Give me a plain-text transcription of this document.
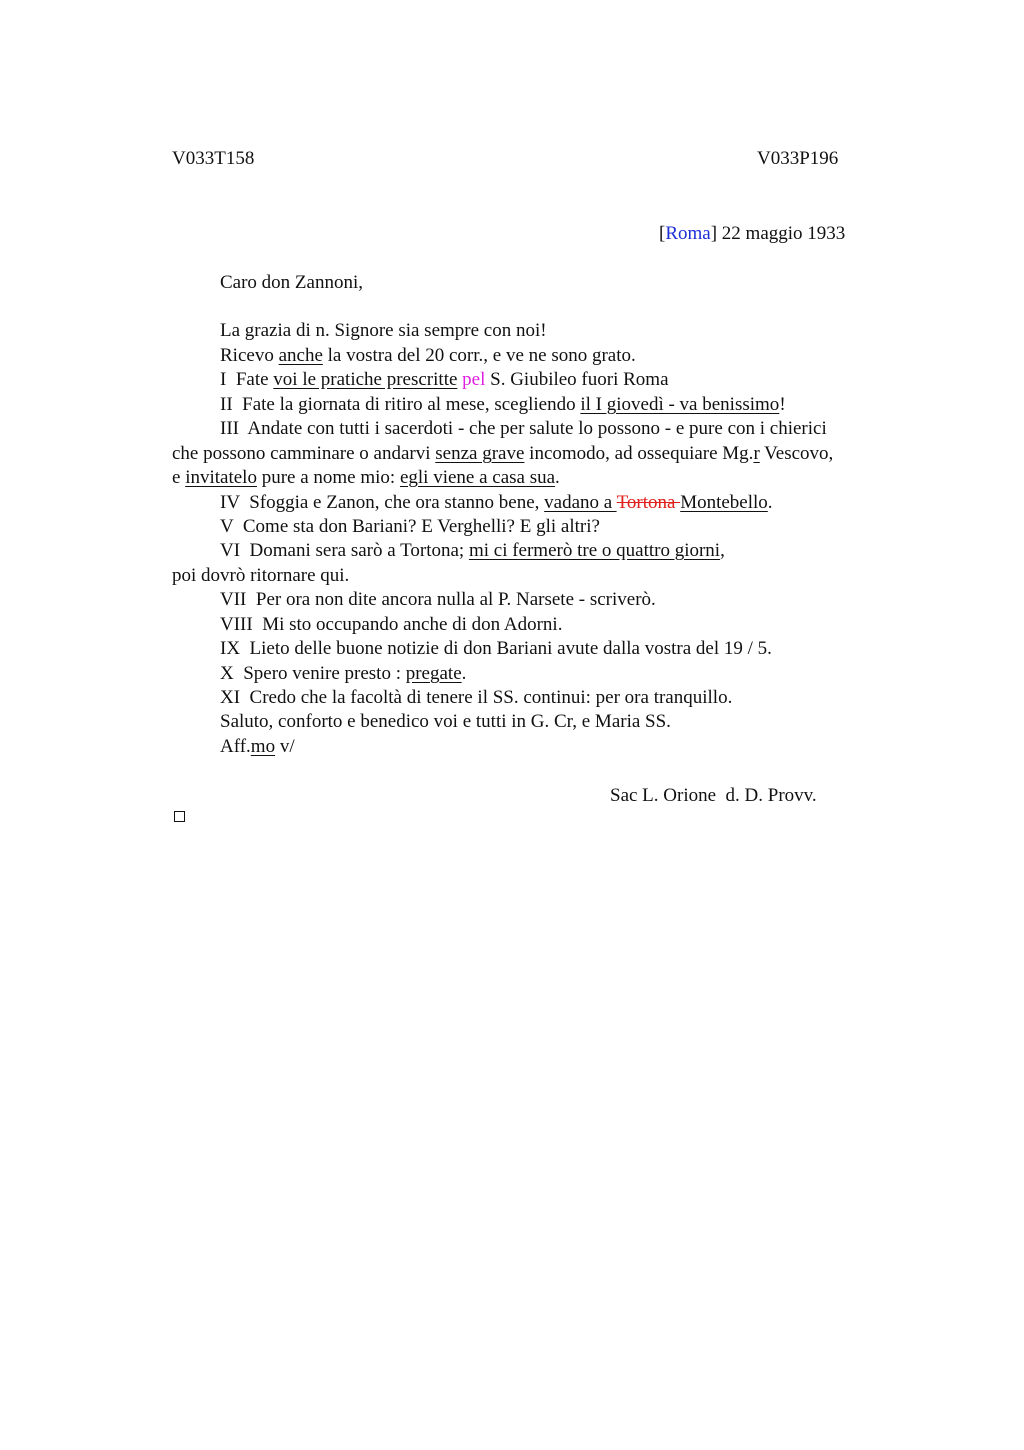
V033T158	V033P196
[Roma] 22 maggio 1933
Caro don Zannoni,
La grazia di n. Signore sia sempre con noi!
Ricevo anche la vostra del 20 corr., e ve ne sono grato.
I  Fate voi le pratiche prescritte pel S. Giubileo fuori Roma
II  Fate la giornata di ritiro al mese, scegliendo il I giovedì - va benissimo!
III  Andate con tutti i sacerdoti - che per salute lo possono - e pure con i chierici
che possono camminare o andarvi senza grave incomodo, ad ossequiare Mg.r Vescovo,
e invitatelo pure a nome mio: egli viene a casa sua.
IV  Sfoggia e Zanon, che ora stanno bene, vadano a Tortona Montebello.
V  Come sta don Bariani? E Verghelli? E gli altri?
VI  Domani sera sarò a Tortona; mi ci fermerò tre o quattro giorni,
poi dovrò ritornare qui.
VII  Per ora non dite ancora nulla al P. Narsete - scriverò.
VIII  Mi sto occupando anche di don Adorni.
IX  Lieto delle buone notizie di don Bariani avute dalla vostra del 19 / 5.
X  Spero venire presto : pregate.
XI  Credo che la facoltà di tenere il SS. continui: per ora tranquillo.
Saluto, conforto e benedico voi e tutti in G. Cr, e Maria SS.
Aff.mo v/
Sac L. Orione  d. D. Provv.
